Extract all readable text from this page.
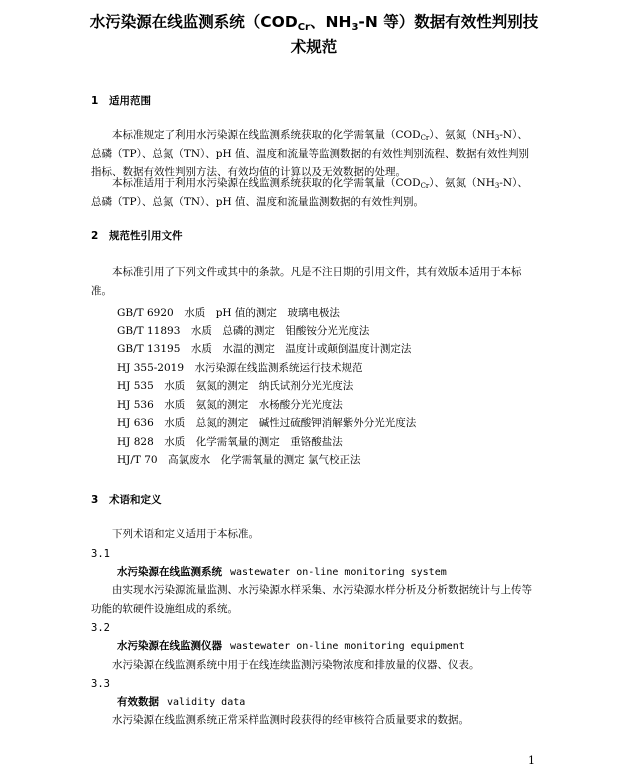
水污染源在线监测系统（$COD_{Cr}$、$NH_3-N$ 等）数据有效性判别技
术规范
1 适用范围
本标准规定了利用水污染源在线监测系统获取的化学需氧量$(COD_{Cr})$、氨氮$(NH_3-N)$、总磷（TP）、总氮（TN）、pH 值、温度和流量等监测数据的有效性判别流程、数据有效性判别指标、数据有效性判别方法、有效均值的计算以及无效数据的处理。
本标准适用于利用水污染源在线监测系统获取的化学需氧量$(COD_{Cr})$、氨氮$(NH_3-N)$、总磷（TP）、总氮（TN）、pH 值、温度和流量监测数据的有效性判别。
2 规范性引用文件
本标准引用了下列文件或其中的条款。凡是不注日期的引用文件，其有效版本适用于本标准。
GB/T 6920　水质　pH 值的测定　玻璃电极法
GB/T 11893　水质　总磷的测定　钼酸铵分光光度法
GB/T 13195　水质　水温的测定　温度计或颠倒温度计测定法
HJ 355-2019　水污染源在线监测系统运行技术规范
HJ 535　水质　氨氮的测定　纳氏试剂分光光度法
HJ 536　水质　氨氮的测定　水杨酸分光光度法
HJ 636　水质　总氮的测定　碱性过硫酸钾消解紫外分光光度法
HJ 828　水质　化学需氧量的测定　重铬酸盐法
HJ/T 70　高氯废水　化学需氧量的测定 氯气校正法
3 术语和定义
下列术语和定义适用于本标准。
3.1
水污染源在线监测系统 wastewater on-line monitoring system
由实现水污染源流量监测、水污染源水样采集、水污染源水样分析及分析数据统计与上传等功能的软硬件设施组成的系统。
3.2
水污染源在线监测仪器 wastewater on-line monitoring equipment
水污染源在线监测系统中用于在线连续监测污染物浓度和排放量的仪器、仪表。
3.3
有效数据 validity data
水污染源在线监测系统正常采样监测时段获得的经审核符合质量要求的数据。
1
